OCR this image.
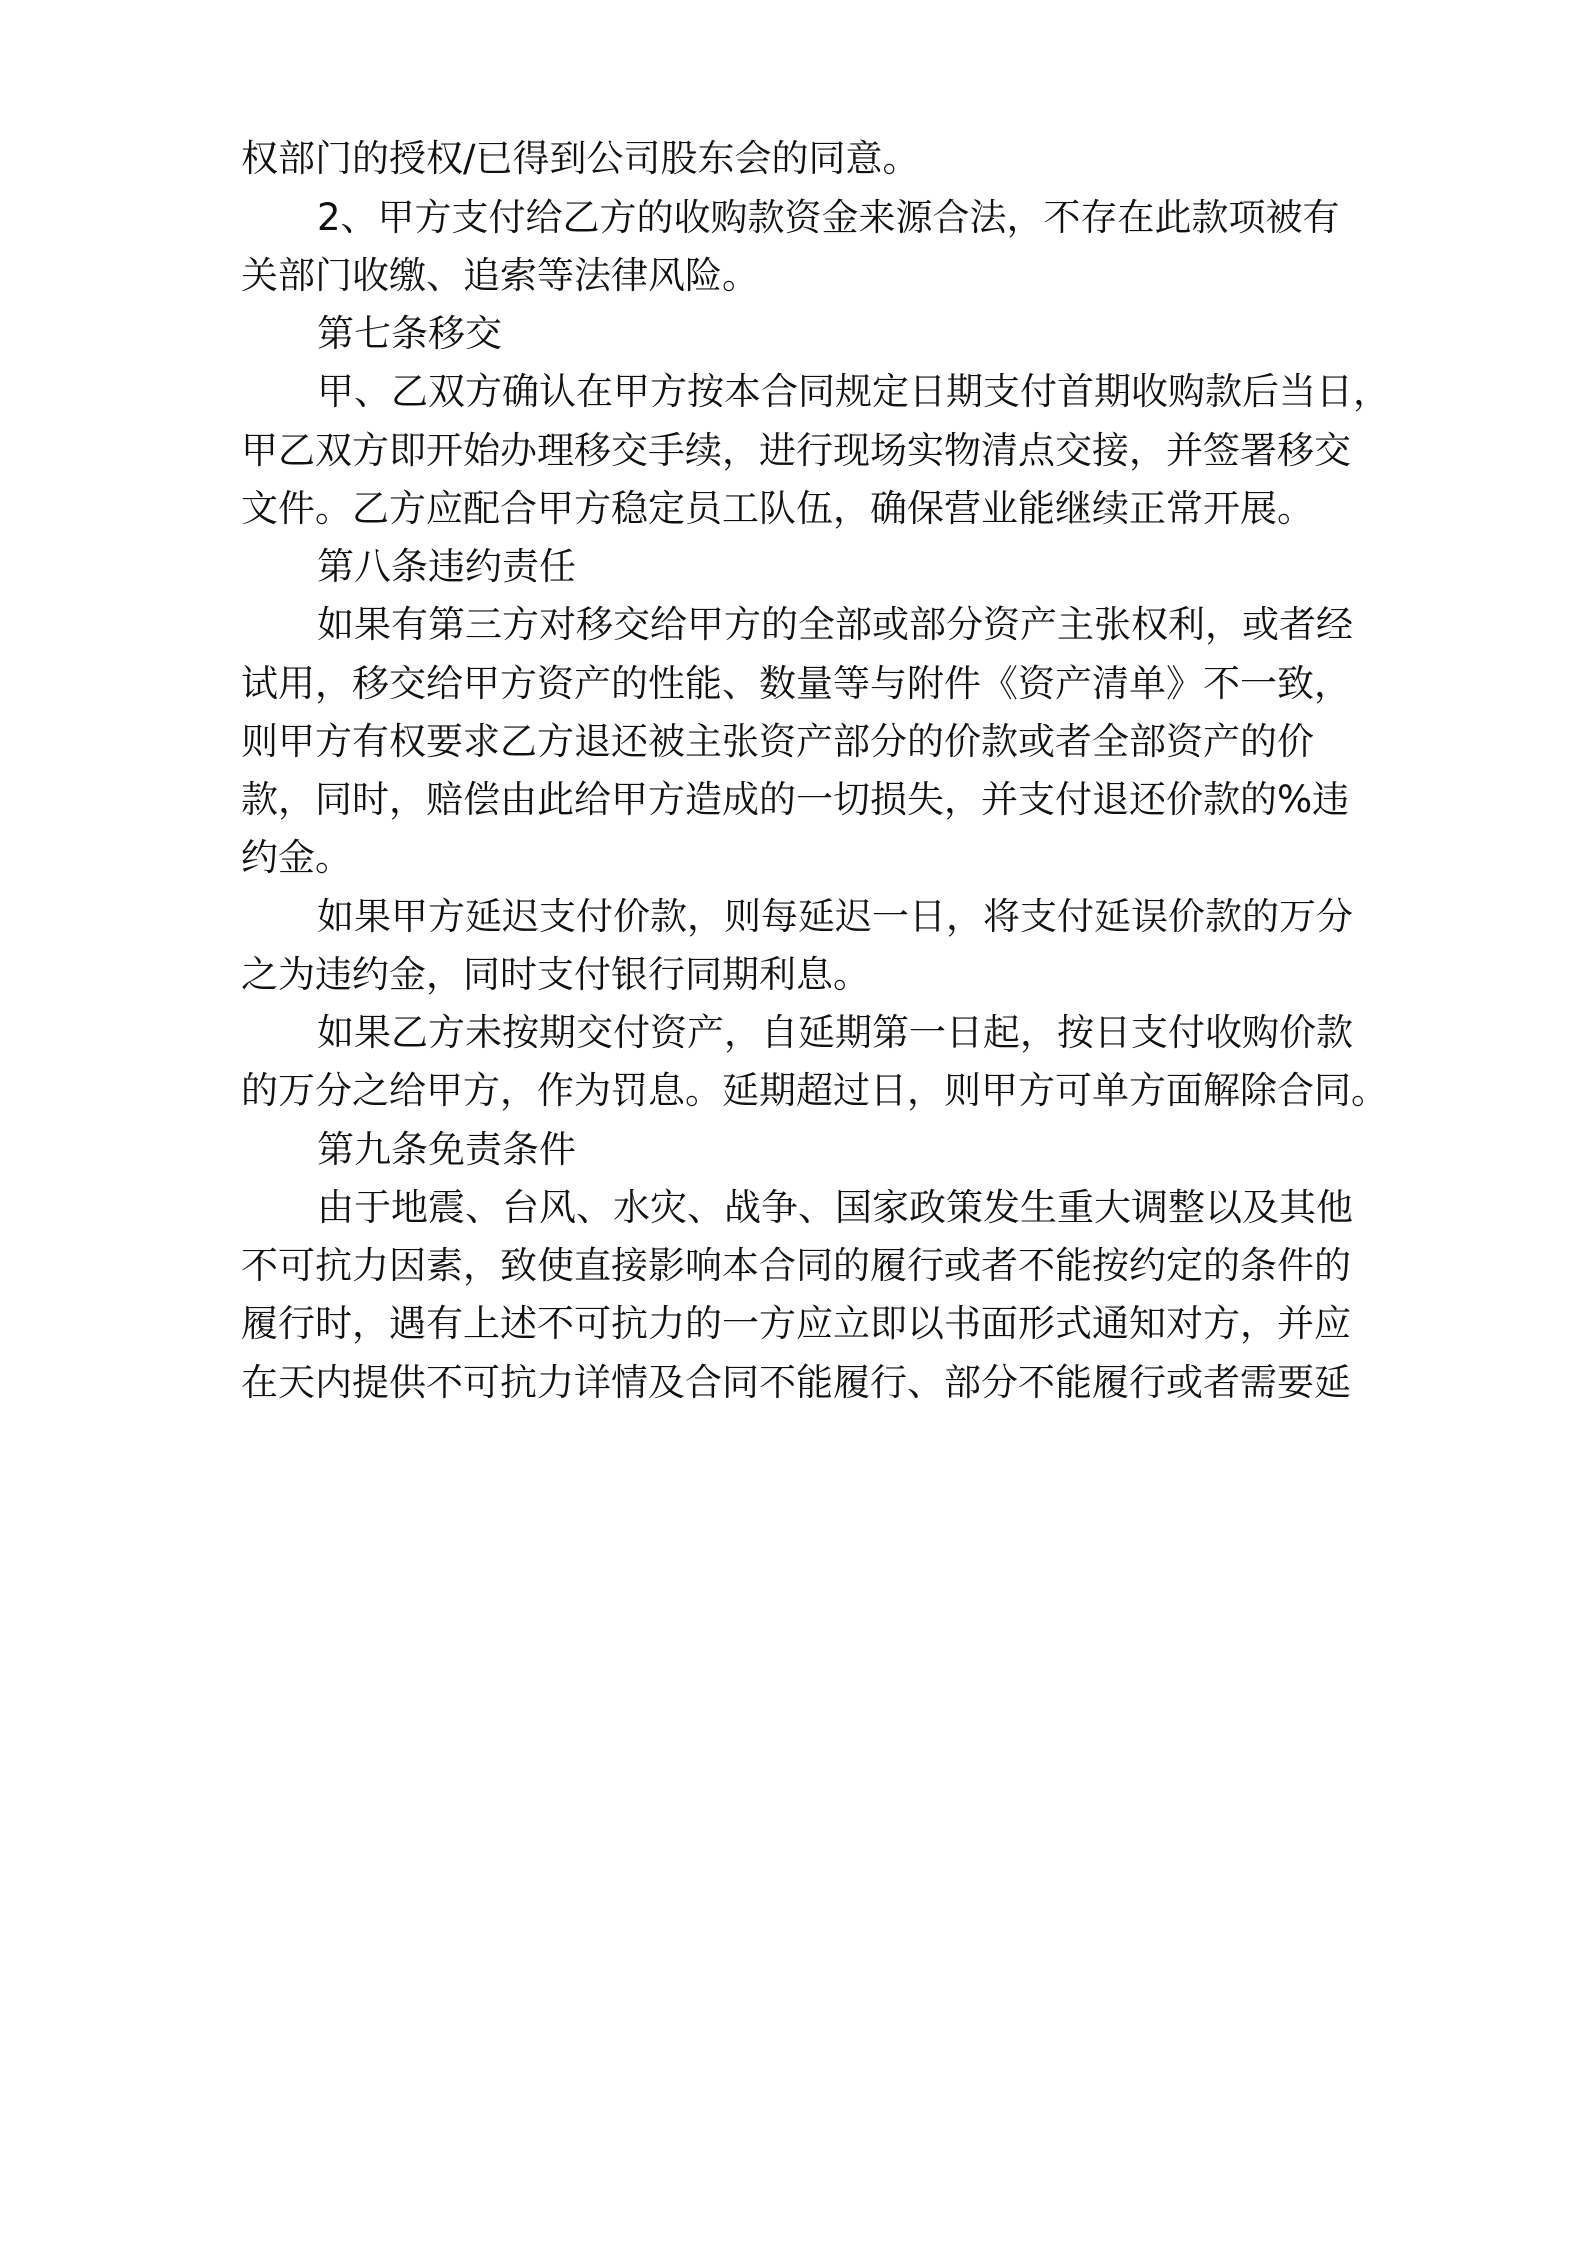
权部门的授权/已得到公司股东会的同意。
2、甲方支付给乙方的收购款资金来源合法，不存在此款项被有
关部门收缴、追索等法律风险。
第七条移交
甲、乙双方确认在甲方按本合同规定日期支付首期收购款后当日，
甲乙双方即开始办理移交手续，进行现场实物清点交接，并签署移交
文件。乙方应配合甲方稳定员工队伍，确保营业能继续正常开展。
第八条违约责任
如果有第三方对移交给甲方的全部或部分资产主张权利，或者经
试用，移交给甲方资产的性能、数量等与附件《资产清单》不一致，
则甲方有权要求乙方退还被主张资产部分的价款或者全部资产的价
款，同时，赔偿由此给甲方造成的一切损失，并支付退还价款的%违
约金。
如果甲方延迟支付价款，则每延迟一日，将支付延误价款的万分
之为违约金，同时支付银行同期利息。
如果乙方未按期交付资产，自延期第一日起，按日支付收购价款
的万分之给甲方，作为罚息。延期超过日，则甲方可单方面解除合同。
第九条免责条件
由于地震、台风、水灾、战争、国家政策发生重大调整以及其他
不可抗力因素，致使直接影响本合同的履行或者不能按约定的条件的
履行时，遇有上述不可抗力的一方应立即以书面形式通知对方，并应
在天内提供不可抗力详情及合同不能履行、部分不能履行或者需要延
